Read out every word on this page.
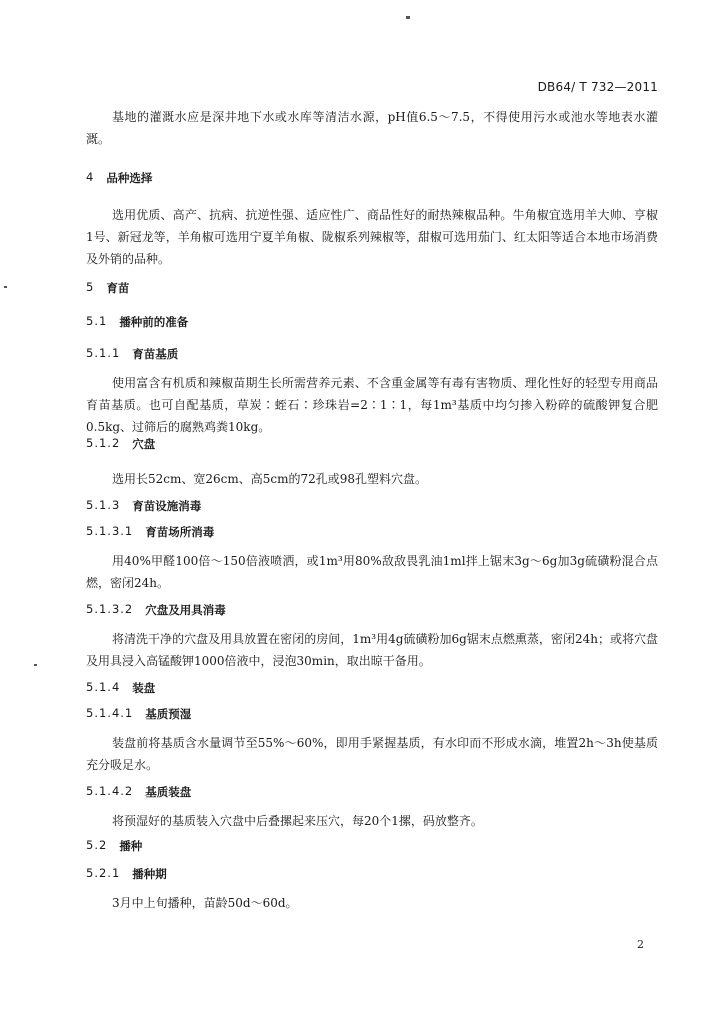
DB64/ T 732—2011

基地的灌溉水应是深井地下水或水库等清洁水源，pH值6.5～7.5，不得使用污水或池水等地表水灌溉。

4
品种选择

选用优质、高产、抗病、抗逆性强、适应性广、商品性好的耐热辣椒品种。牛角椒宜选用羊大帅、亨椒1号、新冠龙等，羊角椒可选用宁夏羊角椒、陇椒系列辣椒等，甜椒可选用茄门、红太阳等适合本地市场消费及外销的品种。

5
育苗
5.1
播种前的准备
5.1.1
育苗基质

使用富含有机质和辣椒苗期生长所需营养元素、不含重金属等有毒有害物质、理化性好的轻型专用商品育苗基质。也可自配基质，草炭∶蛭石∶珍珠岩=2∶1∶1，每1m³基质中均匀掺入粉碎的硫酸钾复合肥0.5kg、过筛后的腐熟鸡粪10kg。

5.1.2
穴盘

选用长52cm、宽26cm、高5cm的72孔或98孔塑料穴盘。

5.1.3
育苗设施消毒
5.1.3.1
育苗场所消毒

用40%甲醛100倍～150倍液喷洒，或1m³用80%敌敌畏乳油1ml拌上锯末3g～6g加3g硫磺粉混合点燃，密闭24h。

5.1.3.2
穴盘及用具消毒

将清洗干净的穴盘及用具放置在密闭的房间，1m³用4g硫磺粉加6g锯末点燃熏蒸，密闭24h；或将穴盘及用具浸入高锰酸钾1000倍液中，浸泡30min，取出晾干备用。

5.1.4
装盘
5.1.4.1
基质预湿

装盘前将基质含水量调节至55%～60%，即用手紧握基质，有水印而不形成水滴，堆置2h～3h使基质充分吸足水。

5.1.4.2
基质装盘

将预湿好的基质装入穴盘中后叠摞起来压穴，每20个1摞，码放整齐。

5.2
播种
5.2.1
播种期

3月中上旬播种，苗龄50d～60d。

2
